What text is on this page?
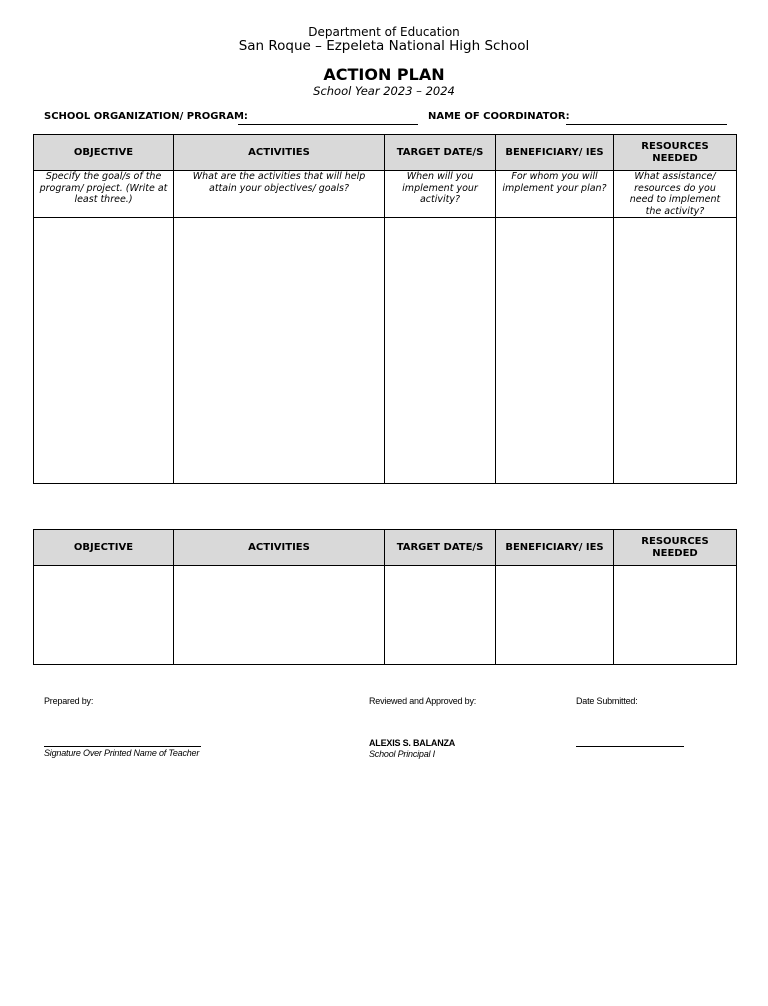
Department of Education
San Roque – Ezpeleta National High School
ACTION PLAN
School Year 2023 – 2024
SCHOOL ORGANIZATION/ PROGRAM:	NAME OF COORDINATOR:
OBJECTIVE	ACTIVITIES	TARGET DATE/S	BENEFICIARY/ IES	RESOURCES NEEDED
Specify the goal/s of the program/ project. (Write at least three.)	What are the activities that will help attain your objectives/ goals?	When will you implement your activity?	For whom you will implement your plan?	What assistance/ resources do you need to implement the activity?

OBJECTIVE	ACTIVITIES	TARGET DATE/S	BENEFICIARY/ IES	RESOURCES NEEDED

Prepared by:
Signature Over Printed Name of Teacher
Reviewed and Approved by:
ALEXIS S. BALANZA
School Principal I
Date Submitted:
